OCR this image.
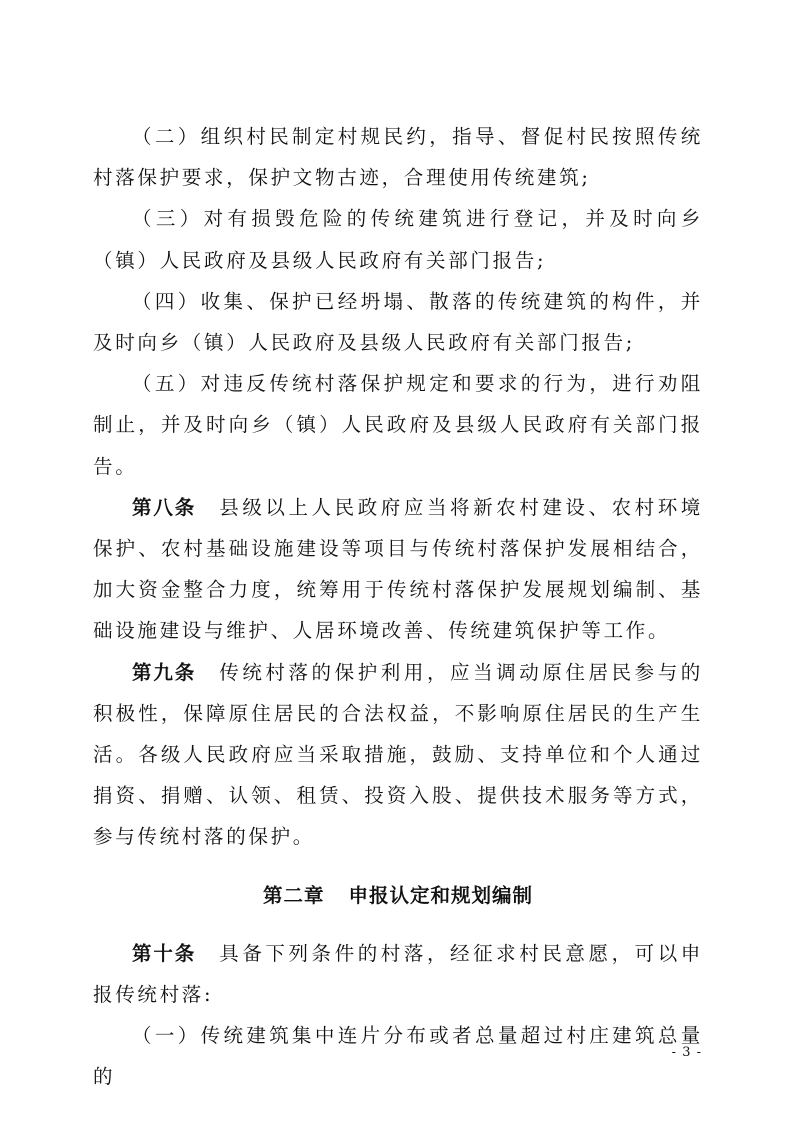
（二）组织村民制定村规民约，指导、督促村民按照传统村落保护要求，保护文物古迹，合理使用传统建筑;

（三）对有损毁危险的传统建筑进行登记，并及时向乡（镇）人民政府及县级人民政府有关部门报告;

（四）收集、保护已经坍塌、散落的传统建筑的构件，并及时向乡（镇）人民政府及县级人民政府有关部门报告;

（五）对违反传统村落保护规定和要求的行为，进行劝阻制止，并及时向乡（镇）人民政府及县级人民政府有关部门报告。

第八条　 县级以上人民政府应当将新农村建设、农村环境保护、农村基础设施建设等项目与传统村落保护发展相结合，加大资金整合力度，统筹用于传统村落保护发展规划编制、基础设施建设与维护、人居环境改善、传统建筑保护等工作。

第九条　 传统村落的保护利用，应当调动原住居民参与的积极性，保障原住居民的合法权益，不影响原住居民的生产生活。各级人民政府应当采取措施，鼓励、支持单位和个人通过捐资、捐赠、认领、租赁、投资入股、提供技术服务等方式，参与传统村落的保护。

第二章 申报认定和规划编制

第十条　 具备下列条件的村落，经征求村民意愿，可以申报传统村落:

（一）传统建筑集中连片分布或者总量超过村庄建筑总量的

- 3 -
